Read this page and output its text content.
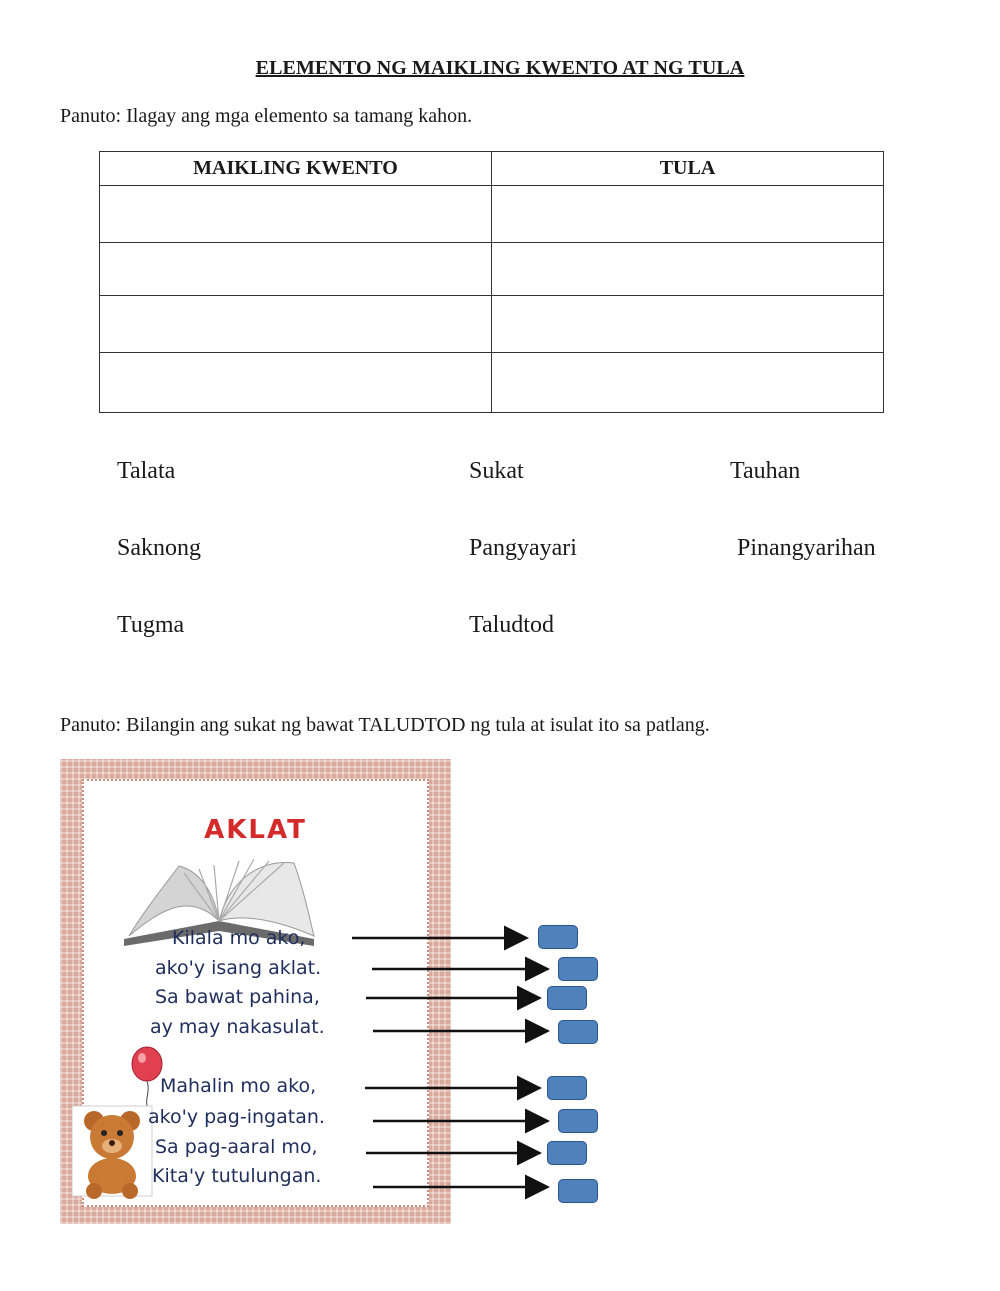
ELEMENTO NG MAIKLING KWENTO AT NG TULA
Panuto: Ilagay ang mga elemento sa tamang kahon.
MAIKLING KWENTO	TULA

Talata	Sukat	Tauhan
Saknong	Pangyayari	Pinangyarihan
Tugma	Taludtod
Panuto: Bilangin ang sukat ng bawat TALUDTOD ng tula at isulat ito sa patlang.
AKLAT
Kilala mo ako,
ako'y isang aklat.
Sa bawat pahina,
ay may nakasulat.
Mahalin mo ako,
ako'y pag-ingatan.
Sa pag-aaral mo,
Kita'y tutulungan.
